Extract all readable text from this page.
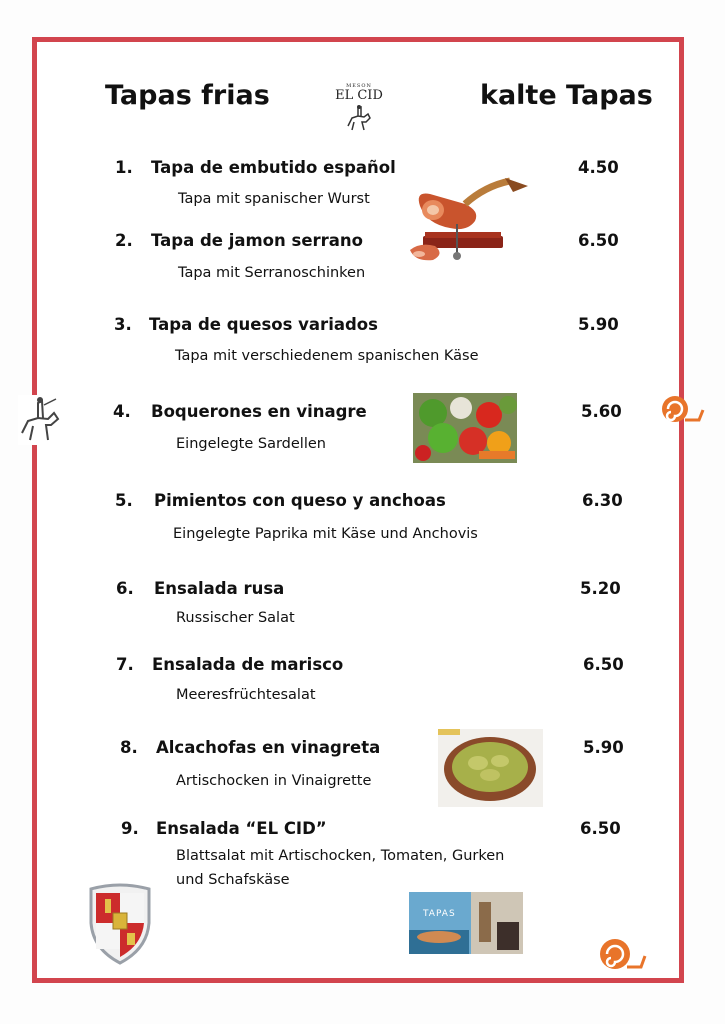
Tapas frias	kalte Tapas
MESON
EL CID
1. Tapa de embutido español
Tapa mit spanischer Wurst
4.50
2. Tapa de jamon serrano
Tapa mit Serranoschinken
6.50
3. Tapa de quesos variados
Tapa mit verschiedenem spanischen Käse
5.90
4. Boquerones en vinagre
Eingelegte Sardellen
5.60
5. Pimientos con queso y anchoas
Eingelegte Paprika mit Käse und Anchovis
6.30
6. Ensalada rusa
Russischer Salat
5.20
7. Ensalada de marisco
Meeresfrüchtesalat
6.50
8. Alcachofas en vinagreta
Artischocken in Vinaigrette
5.90
9. Ensalada “EL CID”
Blattsalat mit Artischocken, Tomaten, Gurken
und Schafskäse
6.50
TAPAS
